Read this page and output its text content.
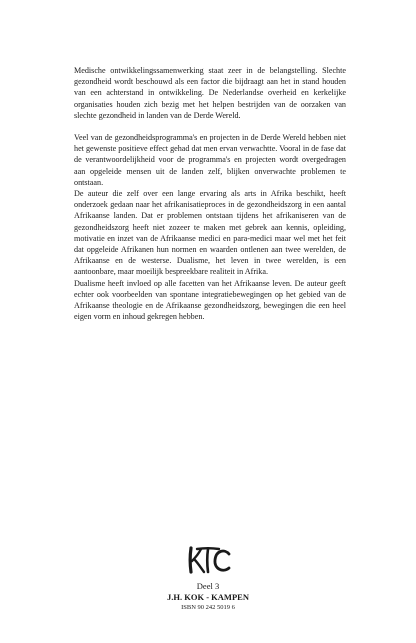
Medische ontwikkelingssamenwerking staat zeer in de belangstelling. Slechte gezondheid wordt beschouwd als een factor die bijdraagt aan het in stand houden van een achterstand in ontwikkeling. De Nederlandse overheid en kerkelijke organisaties houden zich bezig met het helpen bestrijden van de oorzaken van slechte gezondheid in landen van de Derde Wereld.

Veel van de gezondheidsprogramma's en projecten in de Derde Wereld hebben niet het gewenste positieve effect gehad dat men ervan verwachtte. Vooral in de fase dat de verantwoordelijkheid voor de programma's en projecten wordt overgedragen aan opgeleide mensen uit de landen zelf, blijken onverwachte problemen te ontstaan.

De auteur die zelf over een lange ervaring als arts in Afrika beschikt, heeft onderzoek gedaan naar het afrikanisatieproces in de gezondheidszorg in een aantal Afrikaanse landen. Dat er problemen ontstaan tijdens het afrikaniseren van de gezondheidszorg heeft niet zozeer te maken met gebrek aan kennis, opleiding, motivatie en inzet van de Afrikaanse medici en para-medici maar wel met het feit dat opgeleide Afrikanen hun normen en waarden ontlenen aan twee werelden, de Afrikaanse en de westerse. Dualisme, het leven in twee werelden, is een aantoonbare, maar moeilijk bespreekbare realiteit in Afrika.

Dualisme heeft invloed op alle facetten van het Afrikaanse leven. De auteur geeft echter ook voorbeelden van spontane integratiebewegingen op het gebied van de Afrikaanse theologie en de Afrikaanse gezondheidszorg, bewegingen die een heel eigen vorm en inhoud gekregen hebben.

Deel 3
J.H. KOK - KAMPEN
ISBN 90 242 5019 6
